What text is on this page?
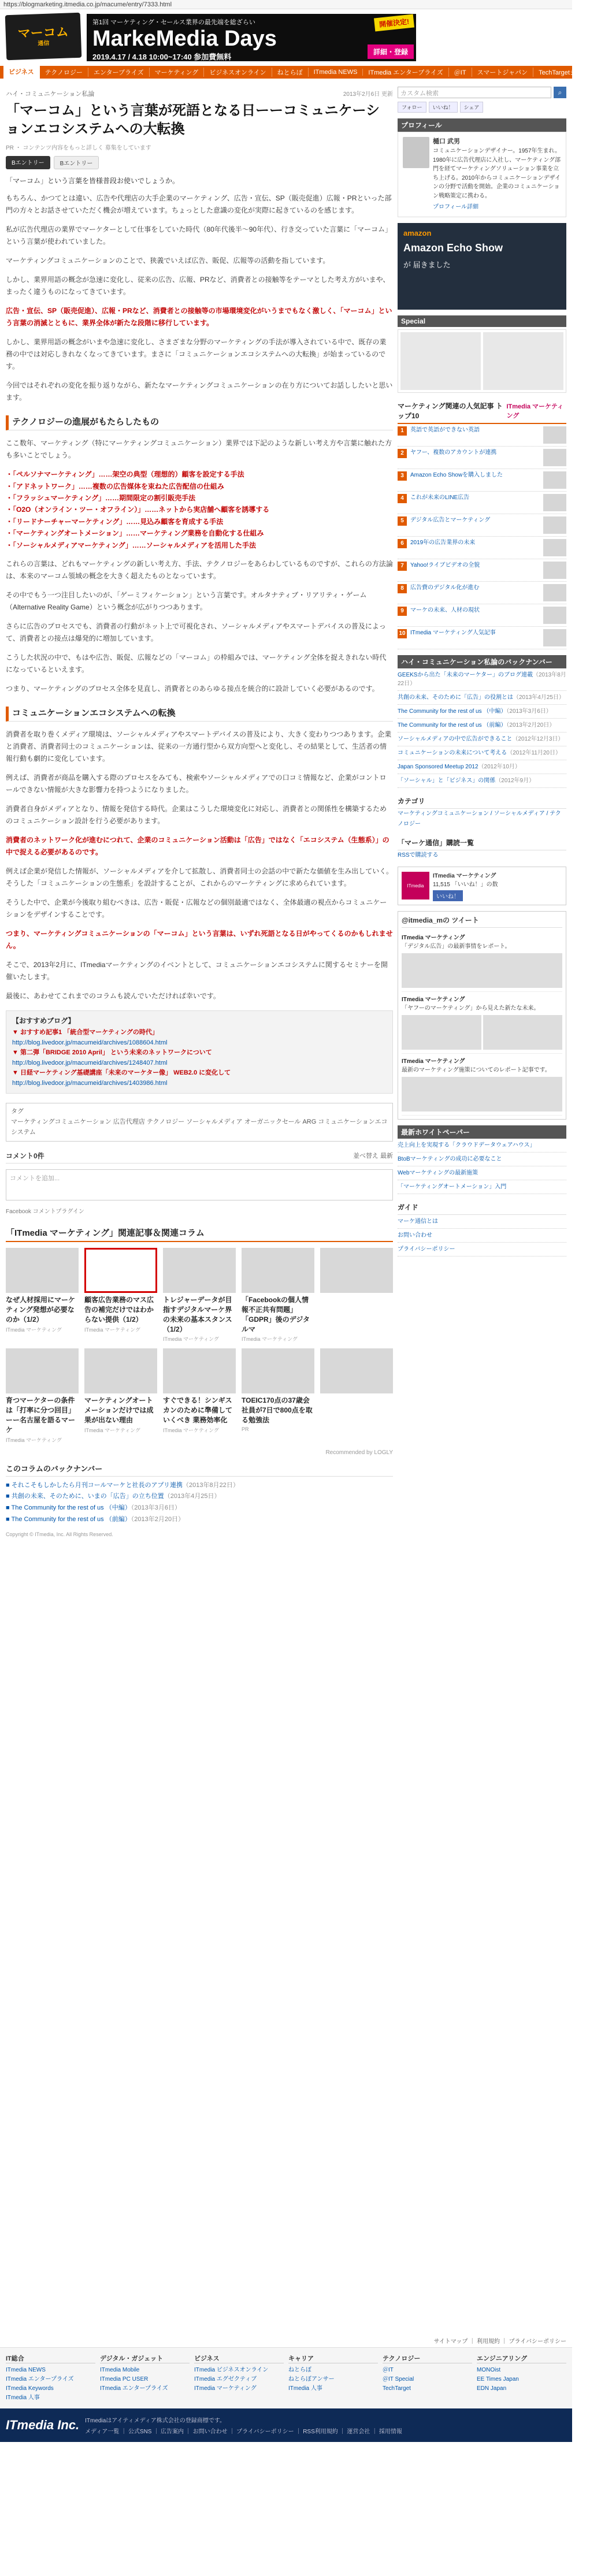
https://blogmarketing.itmedia.co.jp/macume/entry/7333.html
マーコム
通信
第1回 マーケティング・セールス業界の最先端を総ざらい
MarkeMedia Days
2019.4.17 / 4.18 10:00~17:40 参加費無料
開催決定!
詳細・登録
ビジネス	テクノロジー	エンタープライズ	マーケティング	ビジネスオンライン	ねとらぼ	ITmedia NEWS	ITmedia エンタープライズ	＠IT	スマートジャパン	TechTargetジャパン
ハイ・コミュニケーション私論	2013年2月6日 更新
「マーコム」という言葉が死語となる日ーーコミュニケーションエコシステムへの大転換
PR ・ コンテンツ内容をもっと詳しく 募集をしています
Bエントリー	Bエントリー

「マーコム」という言葉を皆様普段お使いでしょうか。

もちろん、かつてとは違い、広告や代理店の大手企業のマーケティング、広告・宣伝、SP（販売促進）広報・PRといった部門の方々とお話させていただく機会が増えています。ちょっとした意識の変化が実際に起きているのを感じます。

私が広告代理店の業界でマーケターとして仕事をしていた時代（80年代後半〜90年代）、行き交っていた言葉に「マーコム」という言葉が使われていました。

マーケティングコミュニケーションのことで、狭義でいえば広告、販促、広報等の活動を指しています。

しかし、業界用語の概念が急速に変化し、従来の広告、広報、PRなど、消費者との接触等をテーマとした考え方がいまや、まったく違うものになってきています。

広告・宣伝、SP（販売促進）、広報・PRなど、消費者との接触等の市場環境変化がいうまでもなく激しく、「マーコム」という言葉の消滅とともに、業界全体が新たな段階に移行しています。

しかし、業界用語の概念がいまや急速に変化し、さまざまな分野のマーケティングの手法が導入されている中で、既存の業務の中では対応しきれなくなってきています。まさに「コミュニケーションエコシステムへの大転換」が始まっているのです。

今回ではそれぞれの変化を振り返りながら、新たなマーケティングコミュニケーションの在り方についてお話ししたいと思います。

テクノロジーの進展がもたらしたもの

ここ数年、マーケティング（特にマーケティングコミュニケーション）業界では下記のような新しい考え方や言葉に触れた方も多いことでしょう。

・「ペルソナマーケティング」……架空の典型（理想的）顧客を設定する手法
・「アドネットワーク」……複数の広告媒体を束ねた広告配信の仕組み
・「フラッシュマーケティング」……期間限定の割引販売手法
・「O2O（オンライン・ツー・オフライン）」……ネットから実店舗へ顧客を誘導する
・「リードナーチャーマーケティング」……見込み顧客を育成する手法
・「マーケティングオートメーション」……マーケティング業務を自動化する仕組み
・「ソーシャルメディアマーケティング」……ソーシャルメディアを活用した手法

これらの言葉は、どれもマーケティングの新しい考え方、手法、テクノロジーをあらわしているものですが、これらの方法論は、本来のマーコム領域の概念を大きく超えたものとなっています。

その中でもう一つ注目したいのが、「ゲーミフィケーション」という言葉です。オルタナティブ・リアリティ・ゲーム（Alternative Reality Game）という概念が広がりつつあります。

さらに広告のプロセスでも、消費者の行動がネット上で可視化され、ソーシャルメディアやスマートデバイスの普及によって、消費者との接点は爆発的に増加しています。

こうした状況の中で、もはや広告、販促、広報などの「マーコム」の枠組みでは、マーケティング全体を捉えきれない時代になっているといえます。

つまり、マーケティングのプロセス全体を見直し、消費者とのあらゆる接点を統合的に設計していく必要があるのです。

コミュニケーションエコシステムへの転換

消費者を取り巻くメディア環境は、ソーシャルメディアやスマートデバイスの普及により、大きく変わりつつあります。企業と消費者、消費者同士のコミュニケーションは、従来の一方通行型から双方向型へと変化し、その結果として、生活者の情報行動も劇的に変化しています。

例えば、消費者が商品を購入する際のプロセスをみても、検索やソーシャルメディアでの口コミ情報など、企業がコントロールできない情報が大きな影響力を持つようになりました。

消費者自身がメディアとなり、情報を発信する時代。企業はこうした環境変化に対応し、消費者との関係性を構築するためのコミュニケーション設計を行う必要があります。

消費者のネットワーク化が進むにつれて、企業のコミュニケーション活動は「広告」ではなく「エコシステム（生態系）」の中で捉える必要があるのです。

例えば企業が発信した情報が、ソーシャルメディアを介して拡散し、消費者同士の会話の中で新たな価値を生み出していく。そうした「コミュニケーションの生態系」を設計することが、これからのマーケティングに求められています。

そうした中で、企業が今後取り組むべきは、広告・販促・広報などの個別最適ではなく、全体最適の視点からコミュニケーションをデザインすることです。

つまり、マーケティングコミュニケーションの「マーコム」という言葉は、いずれ死語となる日がやってくるのかもしれません。

そこで、2013年2月に、ITmediaマーケティングのイベントとして、コミュニケーションエコシステムに関するセミナーを開催いたします。

最後に、あわせてこれまでのコラムも読んでいただければ幸いです。

【おすすめブログ】
▼ おすすめ記事1 「統合型マーケティングの時代」
http://blog.livedoor.jp/macumeid/archives/1088604.html
▼ 第二弾「BRIDGE 2010 April」 という未来のネットワークについて
http://blog.livedoor.jp/macumeid/archives/1248407.html
▼ 日経マーケティング基礎講座「未来のマーケター像」 WEB2.0 に変化して
http://blog.livedoor.jp/macumeid/archives/1403986.html
タグ
マーケティングコミュニケーション 広告代理店 テクノロジー ソーシャルメディア オーガニックセール ARG コミュニケーションエコシステム
コメント0件	並べ替え 最新
コメントを追加...
Facebook コメントプラグイン
「ITmedia マーケティング」関連記事＆関連コラム
なぜ人材採用にマーケティング発想が必要なのか（1/2）
ITmedia マーケティング
顧客広告業務のマス広告の補完だけではわからない提供（1/2）
ITmedia マーケティング
トレジャーデータが目指すデジタルマーケ界の未来の基本スタンス（1/2）
ITmedia マーケティング
「Facebookの個人情報不正共有問題」「GDPR」後のデジタルマ
ITmedia マーケティング
育つマーケターの条件は「打率に分つ回目」ーー名古屋を語るマーケ
ITmedia マーケティング
マーケティングオートメーションだけでは成果が出ない理由
ITmedia マーケティング
すぐできる！シンギスカンのために準備していくべき 業務効率化
ITmedia マーケティング
TOEIC170点の37歳会社員が7日で800点を取る勉強法
PR
Recommended by LOGLY
このコラムのバックナンバー
■ それこそもしかしたら月刊コールマーケと社長のアプリ連携（2013年8月22日）
■ 共創の未来、そのために、いまの「広告」の立ち位置（2013年4月25日）
■ The Community for the rest of us （中編）（2013年3月6日）
■ The Community for the rest of us （前編）（2013年2月20日）
Copyright © ITmedia, Inc. All Rights Reserved.
カスタム検索	⌕
フォロー	いいね！	シェア
プロフィール
樋口 武男
コミュニケーションデザイナー。1957年生まれ。1980年に広告代理店に入社し、マーケティング部門を経てマーケティングソリューション事業を立ち上げる。2010年からコミュニケーションデザインの分野で活動を開始。企業のコミュニケーション戦略策定に携わる。
プロフィール詳細
amazon
Amazon Echo Show
が 届きました
Special
マーケティング関連の人気記事 トップ10
ITmedia マーケティング
1	英語で英語ができない英語
2	ヤフー、複数のアカウントが連携
3	Amazon Echo Showを購入しました
4	これが未来のLINE広告
5	デジタル広告とマーケティング
6	2019年の広告業界の未来
7	Yahoo!ライブビデオの全貌
8	広告費のデジタル化が進む
9	マーケの未来、人材の現状
10 ITmedia マーケティング人気記事
ハイ・コミュニケーション私論のバックナンバー
GEEKSから出た「未来のマーケター」のブログ連載（2013年8月22日）
共創の未来、そのために「広告」の役割とは（2013年4月25日）
The Community for the rest of us （中編）（2013年3月6日）
The Community for the rest of us （前編）（2013年2月20日）
ソーシャルメディアの中で広告ができること（2012年12月3日）
コミュニケーションの未来について考える（2012年11月20日）
Japan Sponsored Meetup 2012（2012年10月）
「ソーシャル」と「ビジネス」の関係（2012年9月）
カテゴリ
マーケティングコミュニケーション / ソーシャルメディア / テクノロジー
「マーケ通信」購読一覧
RSSで購読する
ITmedia
ITmedia マーケティング
11,515 「いいね！」の数
いいね！
@itmedia_mの ツイート
ITmedia マーケティング
「デジタル広告」の最新事情をレポート。
ITmedia マーケティング
「ヤフーのマーケティング」から見えた新たな未来。
ITmedia マーケティング
最新のマーケティング施策についてのレポート記事です。
最新ホワイトペーパー
売上向上を実現する「クラウドデータウェアハウス」
BtoBマーケティングの成功に必要なこと
Webマーケティングの最新施策
「マーケティングオートメーション」入門
ガイド
マーケ通信とは
お問い合わせ
プライバシーポリシー
サイトマップ ｜ 利用規約 ｜ プライバシーポリシー
IT総合
ITmedia NEWS
ITmedia エンタープライズ
ITmedia Keywords
ITmedia 人事
デジタル・ガジェット
ITmedia Mobile
ITmedia PC USER
ITmedia エンタープライズ
ビジネス
ITmedia ビジネスオンライン
ITmedia エグゼクティブ
ITmedia マーケティング
キャリア
ねとらぼ
ねとらぼアンサー
ITmedia 人事
テクノロジー
＠IT
＠IT Special
TechTarget
エンジニアリング
MONOist
EE Times Japan
EDN Japan
ITmedia Inc. ITmediaはアイティメディア株式会社の登録商標です。
メディア一覧 ｜ 公式SNS ｜ 広告案内 ｜ お問い合わせ ｜ プライバシーポリシー ｜ RSS利用規約 ｜ 運営会社 ｜ 採用情報
